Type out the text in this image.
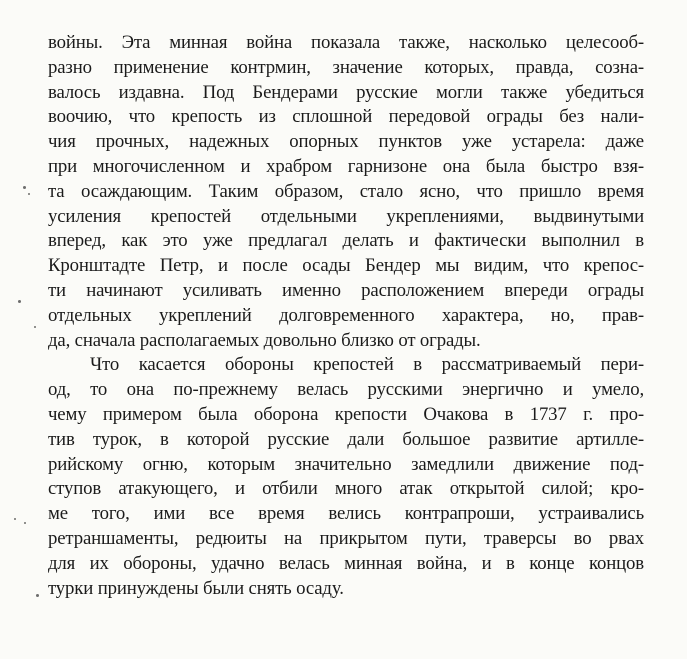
войны. Эта минная война показала также, насколько целесооб-
разно применение контрмин, значение которых, правда, созна-
валось издавна. Под Бендерами русские могли также убедиться
воочию, что крепость из сплошной передовой ограды без нали-
чия прочных, надежных опорных пунктов уже устарела: даже
при многочисленном и храбром гарнизоне она была быстро взя-
та осаждающим. Таким образом, стало ясно, что пришло время
усиления крепостей отдельными укреплениями, выдвинутыми
вперед, как это уже предлагал делать и фактически выполнил в
Кронштадте Петр, и после осады Бендер мы видим, что крепос-
ти начинают усиливать именно расположением впереди ограды
отдельных укреплений долговременного характера, но, прав-
да, сначала располагаемых довольно близко от ограды.
Что касается обороны крепостей в рассматриваемый пери-
од, то она по-прежнему велась русскими энергично и умело,
чему примером была оборона крепости Очакова в 1737 г. про-
тив турок, в которой русские дали большое развитие артилле-
рийскому огню, которым значительно замедлили движение под-
ступов атакующего, и отбили много атак открытой силой; кро-
ме того, ими все время велись контрапроши, устраивались
ретраншаменты, редюиты на прикрытом пути, траверсы во рвах
для их обороны, удачно велась минная война, и в конце концов
турки принуждены были снять осаду.
